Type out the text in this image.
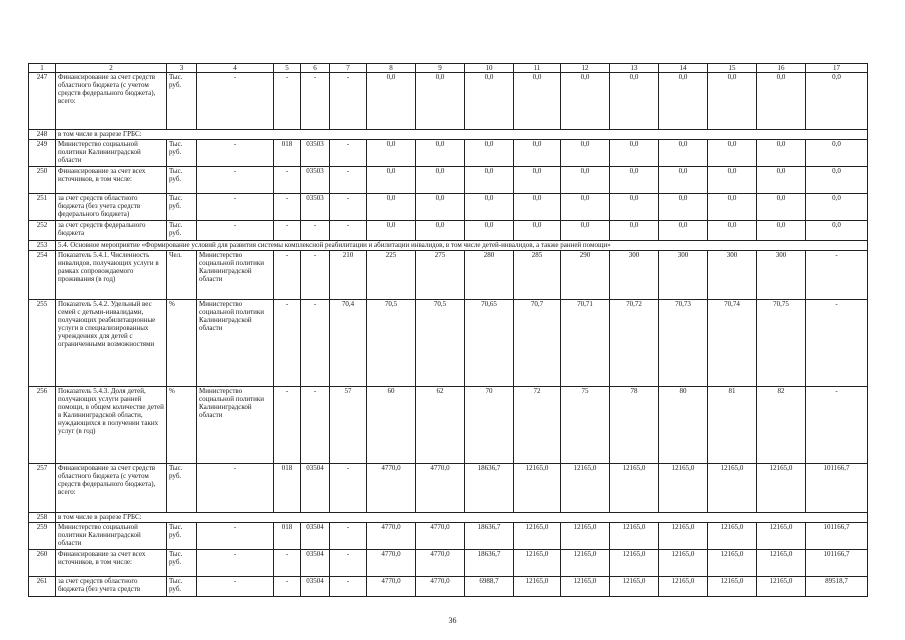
1	2	3	4	5	6	7	8	9	10	11	12	13	14	15	16	17
247	Финансирование за счет средств областного бюджета (с учетом средств федерального бюджета), всего:	Тыс. руб.	-	-	-	-	0,0	0,0	0,0	0,0	0,0	0,0	0,0	0,0	0,0	0,0
248	в том числе в разрезе ГРБС:															
249	Министерство социальной политики Калининградской области	Тыс. руб.	-	018	03503	-	0,0	0,0	0,0	0,0	0,0	0,0	0,0	0,0	0,0	0,0
250	Финансирование за счет всех источников, в том числе:	Тыс. руб.	-	-	03503	-	0,0	0,0	0,0	0,0	0,0	0,0	0,0	0,0	0,0	0,0
251	за счет средств областного бюджета (без учета средств федерального бюджета)	Тыс. руб.	-	-	03503	-	0,0	0,0	0,0	0,0	0,0	0,0	0,0	0,0	0,0	0,0
252	за счет средств федерального бюджета	Тыс. руб.	-	-	-	-	0,0	0,0	0,0	0,0	0,0	0,0	0,0	0,0	0,0	0,0
253	5.4. Основное мероприятие «Формирование условий для развития системы комплексной реабилитации и абилитации инвалидов, в том числе детей-инвалидов, а также ранней помощи»															
254	Показатель 5.4.1. Численность инвалидов, получающих услуги в рамках сопровождаемого проживания (в год)	Чел.	Министерство социальной политики Калининградской области	-	-	210	225	275	280	285	290	300	300	300	300	-
255	Показатель 5.4.2. Удельный вес семей с детьми-инвалидами, получающих реабилитационные услуги в специализированных учреждениях для детей с ограниченными возможностями	%	Министерство социальной политики Калининградской области	-	-	70,4	70,5	70,5	70,65	70,7	70,71	70,72	70,73	70,74	70,75	-
256	Показатель 5.4.3. Доля детей, получающих услуги ранней помощи, в общем количестве детей в Калининградской области, нуждающихся в получении таких услуг (в год)	%	Министерство социальной политики Калининградской области	-	-	57	60	62	70	72	75	78	80	81	82	-
257	Финансирование за счет средств областного бюджета (с учетом средств федерального бюджета), всего:	Тыс. руб.	-	018	03504	-	4770,0	4770,0	18636,7	12165,0	12165,0	12165,0	12165,0	12165,0	12165,0	101166,7
258	в том числе в разрезе ГРБС:															
259	Министерство социальной политики Калининградской области	Тыс. руб.	-	018	03504	-	4770,0	4770,0	18636,7	12165,0	12165,0	12165,0	12165,0	12165,0	12165,0	101166,7
260	Финансирование за счет всех источников, в том числе:	Тыс. руб.	-	-	03504	-	4770,0	4770,0	18636,7	12165,0	12165,0	12165,0	12165,0	12165,0	12165,0	101166,7
261	за счет средств областного бюджета (без учета средств	Тыс. руб.	-	-	03504	-	4770,0	4770,0	6988,7	12165,0	12165,0	12165,0	12165,0	12165,0	12165,0	89518,7
36
